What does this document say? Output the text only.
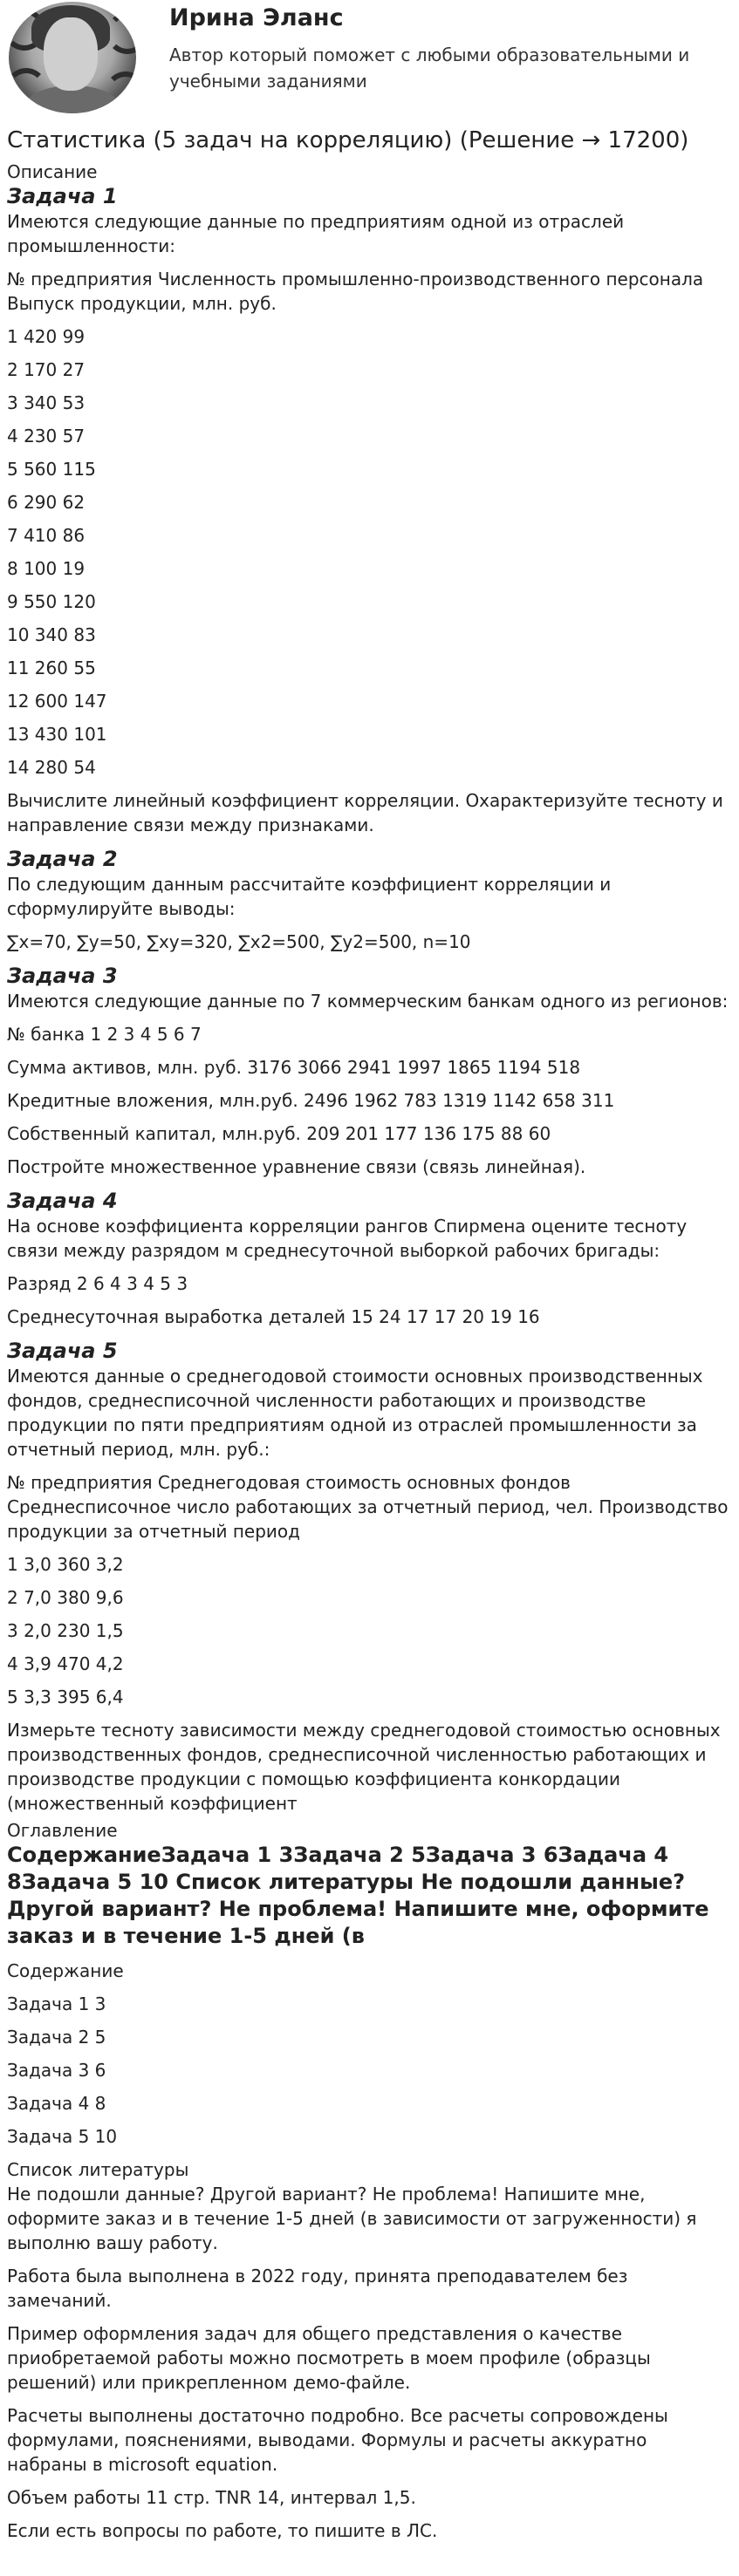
Ирина Эланс
Автор который поможет с любыми образовательными и учебными заданиями
Статистика (5 задач на корреляцию) (Решение → 17200)
Описание
Задача 1

Имеются следующие данные по предприятиям одной из отраслей промышленности:

№ предприятия Численность промышленно-производственного персонала Выпуск продукции, млн. руб.

1 420 99

2 170 27

3 340 53

4 230 57

5 560 115

6 290 62

7 410 86

8 100 19

9 550 120

10 340 83

11 260 55

12 600 147

13 430 101

14 280 54

Вычислите линейный коэффициент корреляции. Охарактеризуйте тесноту и направление связи между признаками.

Задача 2

По следующим данным рассчитайте коэффициент корреляции и сформулируйте выводы:

∑x=70, ∑y=50, ∑xy=320, ∑x2=500, ∑y2=500, n=10

Задача 3

Имеются следующие данные по 7 коммерческим банкам одного из регионов:

№ банка 1 2 3 4 5 6 7

Сумма активов, млн. руб. 3176 3066 2941 1997 1865 1194 518

Кредитные вложения, млн.руб. 2496 1962 783 1319 1142 658 311

Собственный капитал, млн.руб. 209 201 177 136 175 88 60

Постройте множественное уравнение связи (связь линейная).

Задача 4

На основе коэффициента корреляции рангов Спирмена оцените тесноту связи между разрядом м среднесуточной выборкой рабочих бригады:

Разряд 2 6 4 3 4 5 3

Среднесуточная выработка деталей 15 24 17 17 20 19 16

Задача 5

Имеются данные о среднегодовой стоимости основных производственных фондов, среднесписочной численности работающих и производстве продукции по пяти предприятиям одной из отраслей промышленности за отчетный период, млн. руб.:

№ предприятия Среднегодовая стоимость основных фондов Среднесписочное число работающих за отчетный период, чел. Производство продукции за отчетный период

1 3,0 360 3,2

2 7,0 380 9,6

3 2,0 230 1,5

4 3,9 470 4,2

5 3,3 395 6,4

Измерьте тесноту зависимости между среднегодовой стоимостью основных производственных фондов, среднесписочной численностью работающих и производстве продукции с помощью коэффициента конкордации (множественный коэффициент

Оглавление
СодержаниеЗадача 1 3Задача 2 5Задача 3 6Задача 4 8Задача 5 10 Список литературы Не подошли данные? Другой вариант? Не проблема! Напишите мне, оформите заказ и в течение 1-5 дней (в

Содержание

Задача 1 3

Задача 2 5

Задача 3 6

Задача 4 8

Задача 5 10

Список литературы

Не подошли данные? Другой вариант? Не проблема! Напишите мне, оформите заказ и в течение 1-5 дней (в зависимости от загруженности) я выполню вашу работу.

Работа была выполнена в 2022 году, принята преподавателем без замечаний.

Пример оформления задач для общего представления о качестве приобретаемой работы можно посмотреть в моем профиле (образцы решений) или прикрепленном демо-файле.

Расчеты выполнены достаточно подробно. Все расчеты сопровождены формулами, пояснениями, выводами. Формулы и расчеты аккуратно набраны в microsoft equation.

Объем работы 11 стр. TNR 14, интервал 1,5.

Если есть вопросы по работе, то пишите в ЛС.
